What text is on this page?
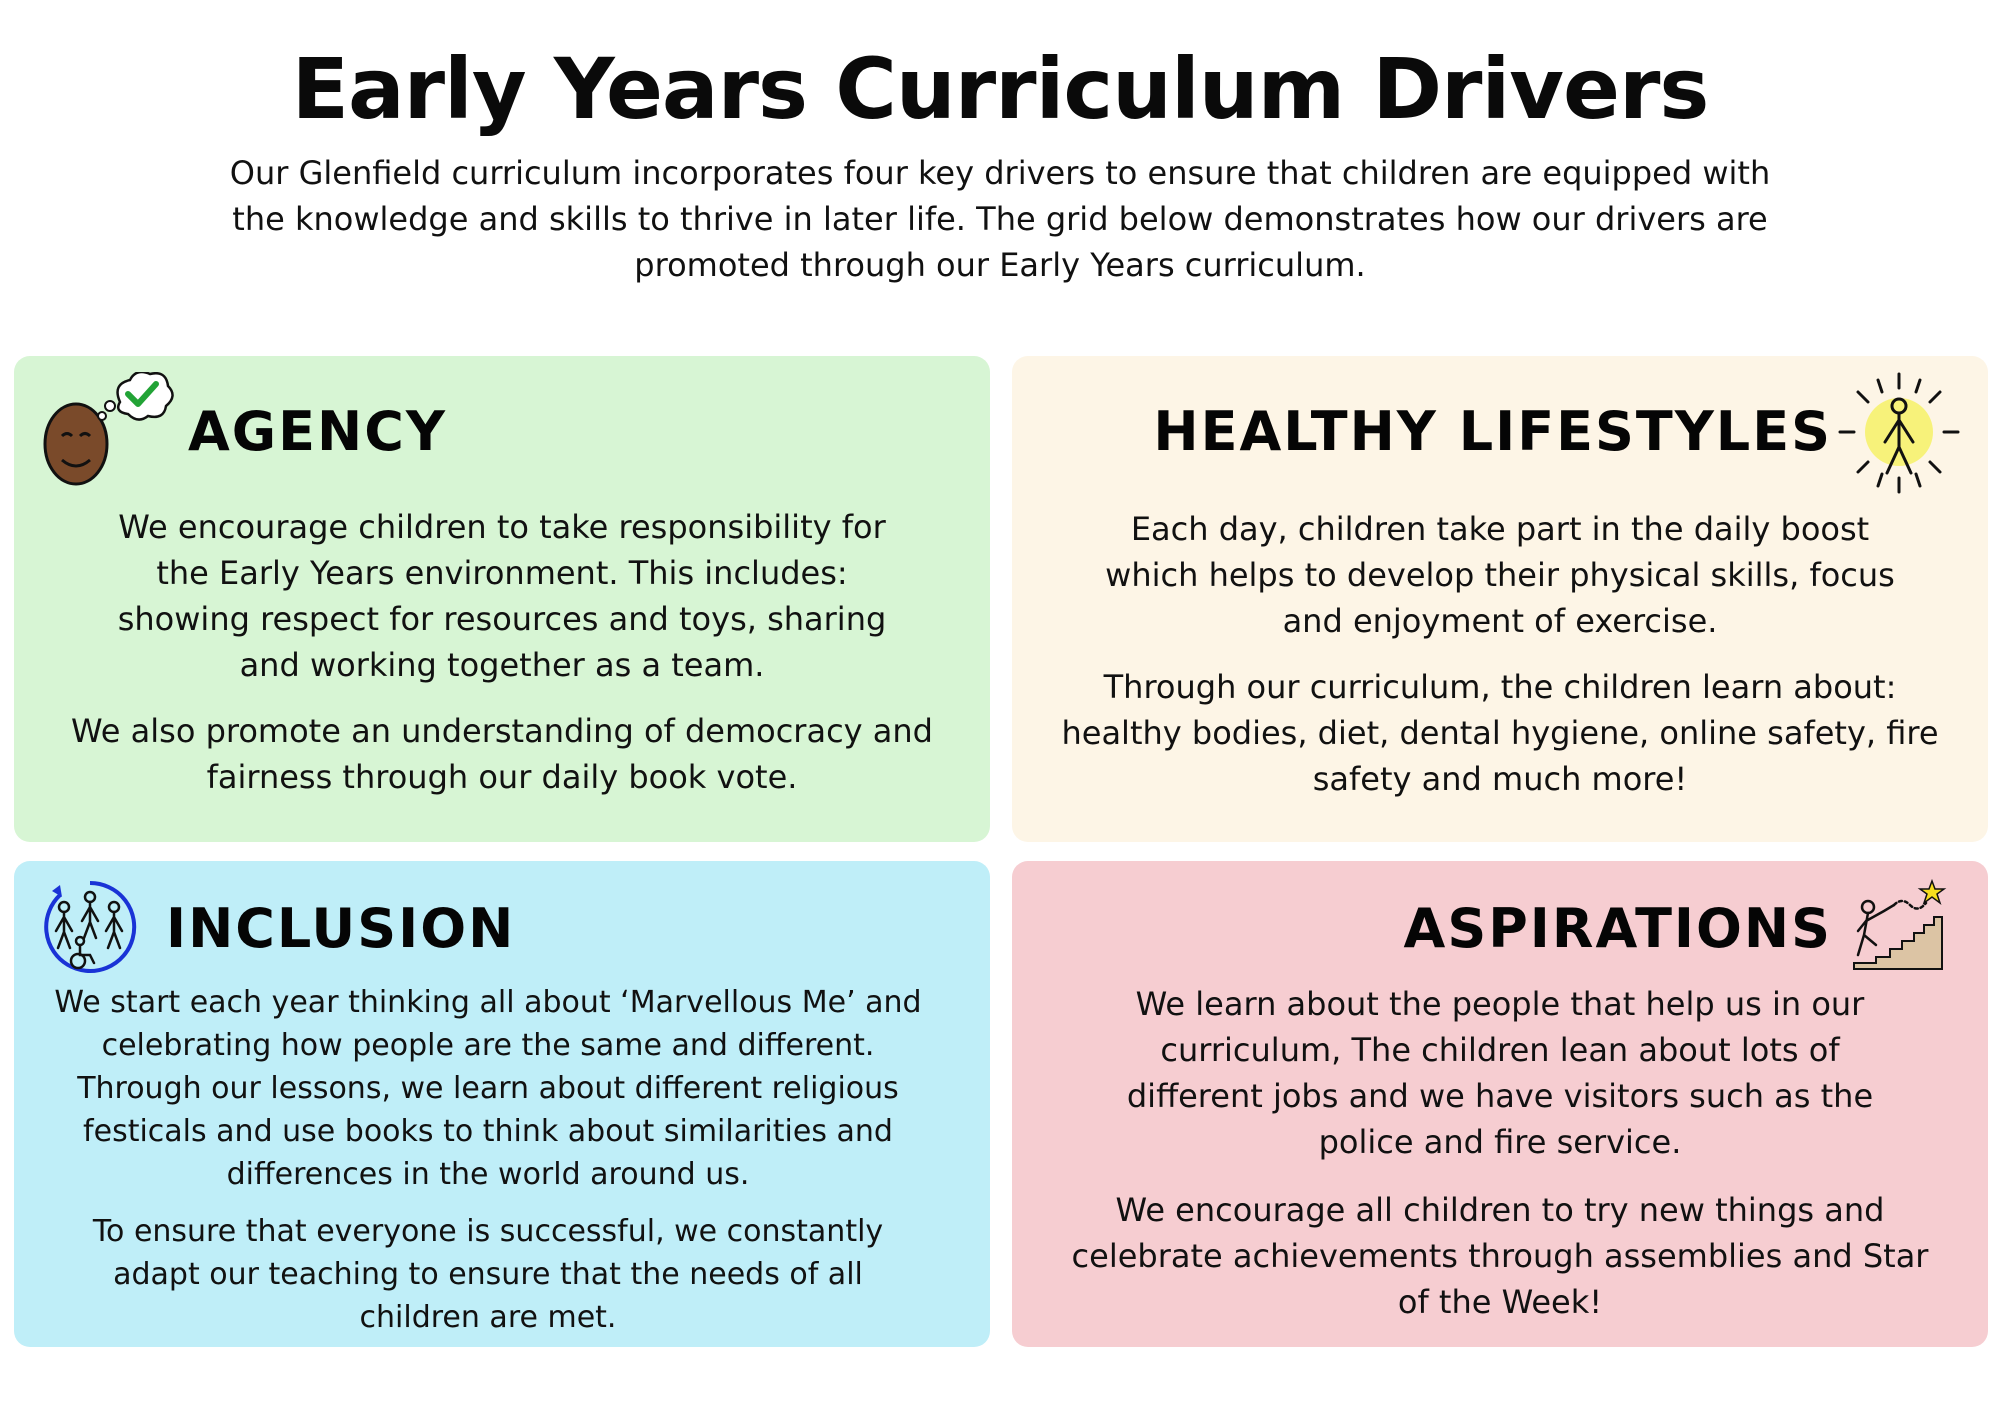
Early Years Curriculum Drivers

Our Glenfield curriculum incorporates four key drivers to ensure that children are equipped with the knowledge and skills to thrive in later life. The grid below demonstrates how our drivers are promoted through our Early Years curriculum.

AGENCY

We encourage children to take responsibility for the Early Years environment. This includes: showing respect for resources and toys, sharing and working together as a team.

We also promote an understanding of democracy and fairness through our daily book vote.

HEALTHY LIFESTYLES

Each day, children take part in the daily boost which helps to develop their physical skills, focus and enjoyment of exercise.

Through our curriculum, the children learn about: healthy bodies, diet, dental hygiene, online safety, fire safety and much more!

INCLUSION

We start each year thinking all about ‘Marvellous Me’ and celebrating how people are the same and different. Through our lessons, we learn about different religious festicals and use books to think about similarities and differences in the world around us.

To ensure that everyone is successful, we constantly adapt our teaching to ensure that the needs of all children are met.

ASPIRATIONS

We learn about the people that help us in our curriculum, The children lean about lots of different jobs and we have visitors such as the police and fire service.

We encourage all children to try new things and celebrate achievements through assemblies and Star of the Week!
